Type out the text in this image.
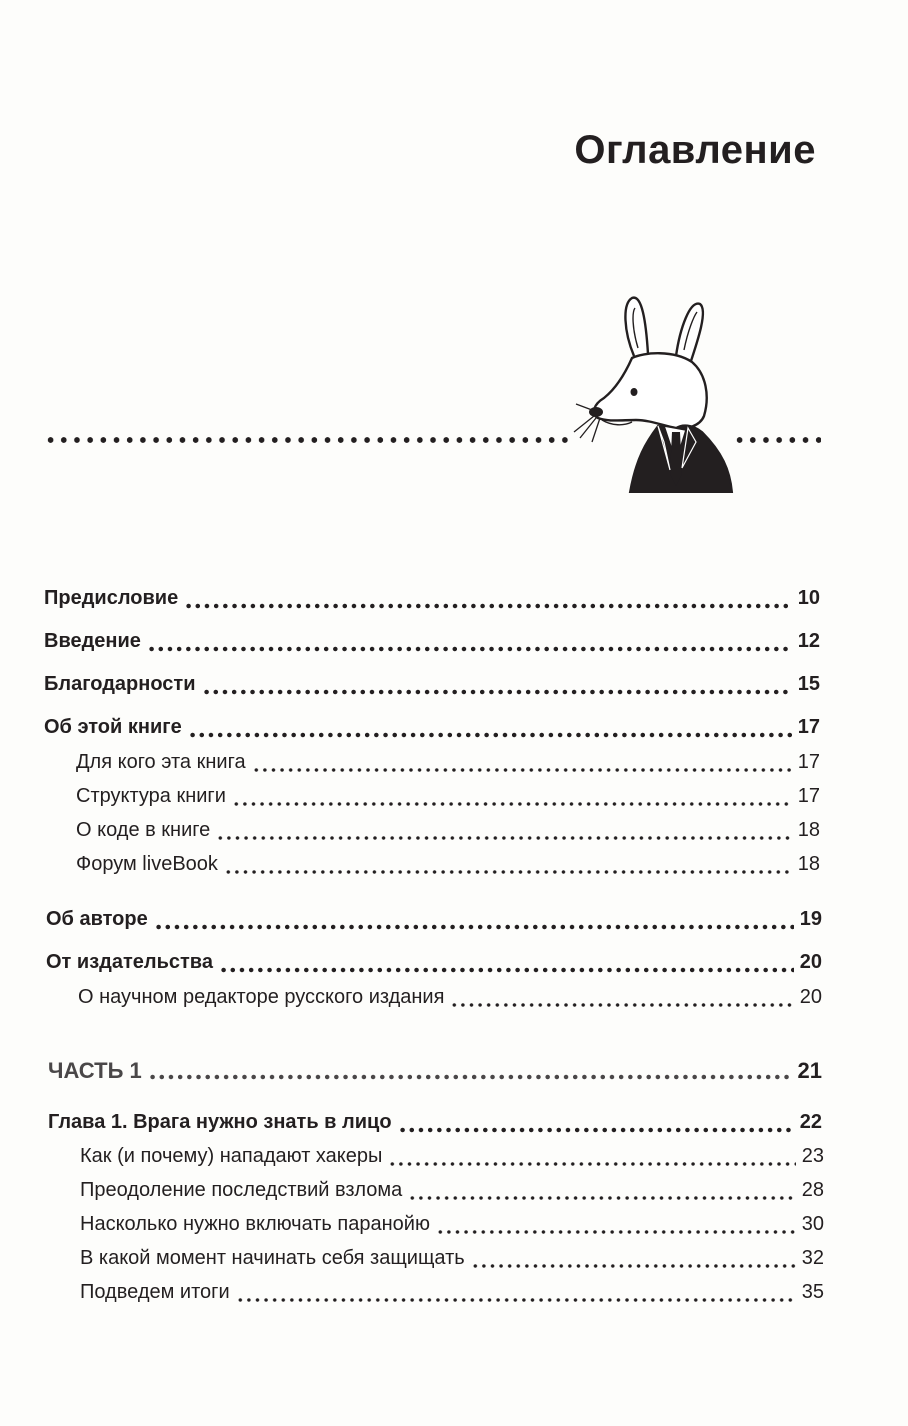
Оглавление
Предисловие	10
Введение	12
Благодарности	15
Об этой книге	17
Для кого эта книга	17
Структура книги	17
О коде в книге	18
Форум liveBook	18
Об авторе	19
От издательства	20
О научном редакторе русского издания	20
ЧАСТЬ 1	21
Глава 1. Врага нужно знать в лицо	22
Как (и почему) нападают хакеры	23
Преодоление последствий взлома	28
Насколько нужно включать паранойю	30
В какой момент начинать себя защищать	32
Подведем итоги	35
